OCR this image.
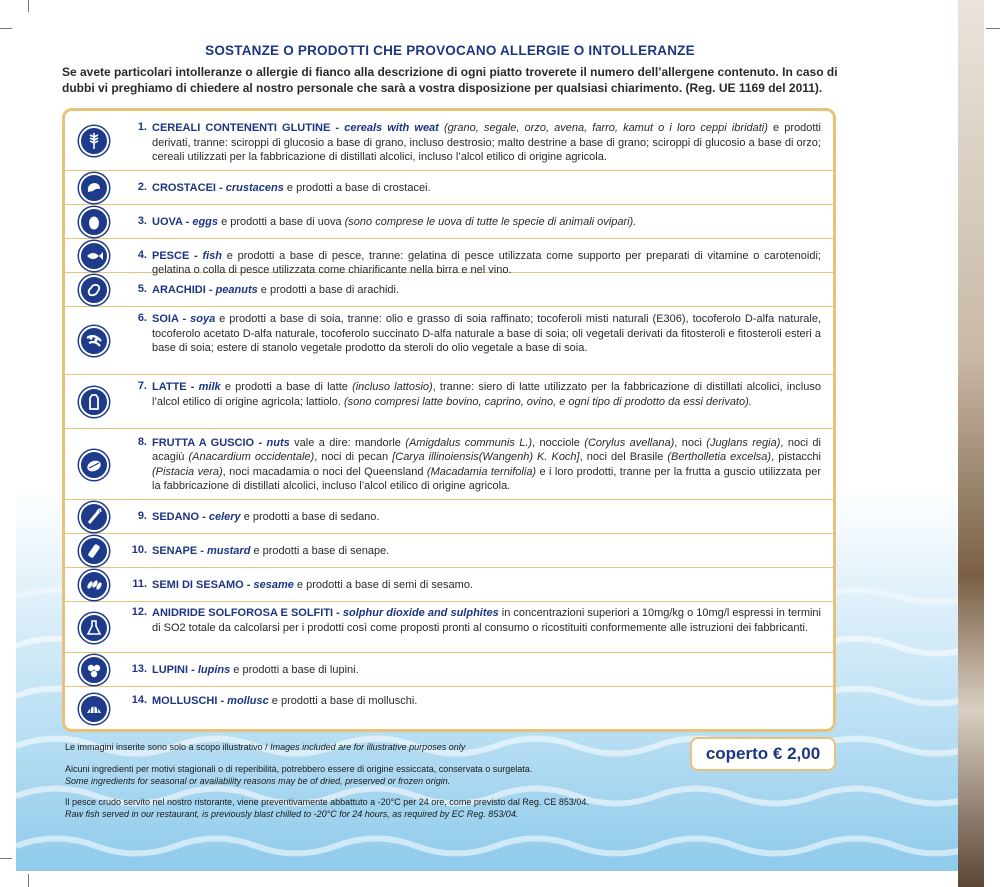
SOSTANZE O PRODOTTI CHE PROVOCANO ALLERGIE O INTOLLERANZE
Se avete particolari intolleranze o allergie di fianco alla descrizione di ogni piatto troverete il numero dell’allergene contenuto. In caso di dubbi vi preghiamo di chiedere al nostro personale che sarà a vostra disposizione per qualsiasi chiarimento. (Reg. UE 1169 del 2011).
1. CEREALI CONTENENTI GLUTINE - cereals with weat (grano, segale, orzo, avena, farro, kamut o i loro ceppi ibridati) e prodotti derivati, tranne: sciroppi di glucosio a base di grano, incluso destrosio; malto destrine a base di grano; sciroppi di glucosio a base di orzo; cereali utilizzati per la fabbricazione di distillati alcolici, incluso l’alcol etilico di origine agricola.
2. CROSTACEI - crustacens e prodotti a base di crostacei.
3. UOVA - eggs e prodotti a base di uova (sono comprese le uova di tutte le specie di animali ovipari).
4. PESCE - fish e prodotti a base di pesce, tranne: gelatina di pesce utilizzata come supporto per preparati di vitamine o carotenoidi; gelatina o colla di pesce utilizzata come chiarificante nella birra e nel vino.
5. ARACHIDI - peanuts e prodotti a base di arachidi.
6. SOIA - soya e prodotti a base di soia, tranne: olio e grasso di soia raffinato; tocoferoli misti naturali (E306), tocoferolo D-alfa naturale, tocoferolo acetato D-alfa naturale, tocoferolo succinato D-alfa naturale a base di soia; oli vegetali derivati da fitosteroli e fitosteroli esteri a base di soia; estere di stanolo vegetale prodotto da steroli do olio vegetale a base di soia.
7. LATTE - milk e prodotti a base di latte (incluso lattosio), tranne: siero di latte utilizzato per la fabbricazione di distillati alcolici, incluso l’alcol etilico di origine agricola; lattiolo. (sono compresi latte bovino, caprino, ovino, e ogni tipo di prodotto da essi derivato).
8. FRUTTA A GUSCIO - nuts vale a dire: mandorle (Amigdalus communis L.), nocciole (Corylus avellana), noci (Juglans regia), noci di acagiù (Anacardium occidentale), noci di pecan [Carya illinoiensis(Wangenh) K. Koch], noci del Brasile (Bertholletia excelsa), pistacchi (Pistacia vera), noci macadamia o noci del Queensland (Macadamia ternifolia) e i loro prodotti, tranne per la frutta a guscio utilizzata per la fabbricazione di distillati alcolici, incluso l’alcol etilico di origine agricola.
9. SEDANO - celery e prodotti a base di sedano.
10. SENAPE - mustard e prodotti a base di senape.
11. SEMI DI SESAMO - sesame e prodotti a base di semi di sesamo.
12. ANIDRIDE SOLFOROSA E SOLFITI - solphur dioxide and sulphites in concentrazioni superiori a 10mg/kg o 10mg/l espressi in termini di SO2 totale da calcolarsi per i prodotti così come proposti pronti al consumo o ricostituiti conformemente alle istruzioni dei fabbricanti.
13. LUPINI - lupins e prodotti a base di lupini.
14. MOLLUSCHI - mollusc e prodotti a base di molluschi.
Le immagini inserite sono solo a scopo illustrativo / Images included are for illustrative purposes only
Alcuni ingredienti per motivi stagionali o di reperibilità, potrebbero essere di origine essiccata, conservata o surgelata.
Some ingredients for seasonal or availability reasons may be of dried, preserved or frozen origin.
Il pesce crudo servito nel nostro ristorante, viene preventivamente abbattuto a -20°C per 24 ore, come previsto dal Reg. CE 853/04.
Raw fish served in our restaurant, is previously blast chilled to -20°C for 24 hours, as required by EC Reg. 853/04.
coperto € 2,00
